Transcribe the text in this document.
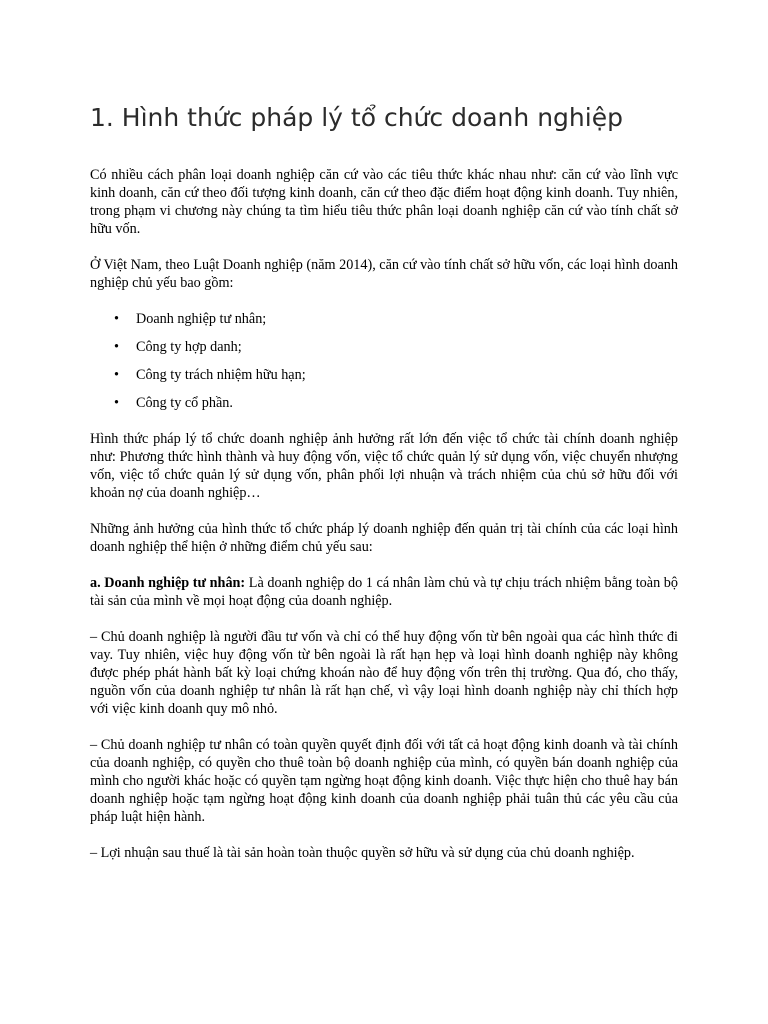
1. Hình thức pháp lý tổ chức doanh nghiệp

Có nhiều cách phân loại doanh nghiệp căn cứ vào các tiêu thức khác nhau như: căn cứ vào lĩnh vực kinh doanh, căn cứ theo đối tượng kinh doanh, căn cứ theo đặc điểm hoạt động kinh doanh. Tuy nhiên, trong phạm vi chương này chúng ta tìm hiểu tiêu thức phân loại doanh nghiệp căn cứ vào tính chất sở hữu vốn.

Ở Việt Nam, theo Luật Doanh nghiệp (năm 2014), căn cứ vào tính chất sở hữu vốn, các loại hình doanh nghiệp chủ yếu bao gồm:

• Doanh nghiệp tư nhân;
• Công ty hợp danh;
• Công ty trách nhiệm hữu hạn;
• Công ty cổ phần.

Hình thức pháp lý tổ chức doanh nghiệp ảnh hưởng rất lớn đến việc tổ chức tài chính doanh nghiệp như: Phương thức hình thành và huy động vốn, việc tổ chức quản lý sử dụng vốn, việc chuyển nhượng vốn, việc tổ chức quản lý sử dụng vốn, phân phối lợi nhuận và trách nhiệm của chủ sở hữu đối với khoản nợ của doanh nghiệp…

Những ảnh hưởng của hình thức tổ chức pháp lý doanh nghiệp đến quản trị tài chính của các loại hình doanh nghiệp thể hiện ở những điểm chủ yếu sau:

a. Doanh nghiệp tư nhân: Là doanh nghiệp do 1 cá nhân làm chủ và tự chịu trách nhiệm bằng toàn bộ tài sản của mình về mọi hoạt động của doanh nghiệp.

– Chủ doanh nghiệp là người đầu tư vốn và chỉ có thể huy động vốn từ bên ngoài qua các hình thức đi vay. Tuy nhiên, việc huy động vốn từ bên ngoài là rất hạn hẹp và loại hình doanh nghiệp này không được phép phát hành bất kỳ loại chứng khoán nào để huy động vốn trên thị trường. Qua đó, cho thấy, nguồn vốn của doanh nghiệp tư nhân là rất hạn chế, vì vậy loại hình doanh nghiệp này chỉ thích hợp với việc kinh doanh quy mô nhỏ.

– Chủ doanh nghiệp tư nhân có toàn quyền quyết định đối với tất cả hoạt động kinh doanh và tài chính của doanh nghiệp, có quyền cho thuê toàn bộ doanh nghiệp của mình, có quyền bán doanh nghiệp của mình cho người khác hoặc có quyền tạm ngừng hoạt động kinh doanh. Việc thực hiện cho thuê hay bán doanh nghiệp hoặc tạm ngừng hoạt động kinh doanh của doanh nghiệp phải tuân thủ các yêu cầu của pháp luật hiện hành.

– Lợi nhuận sau thuế là tài sản hoàn toàn thuộc quyền sở hữu và sử dụng của chủ doanh nghiệp.
